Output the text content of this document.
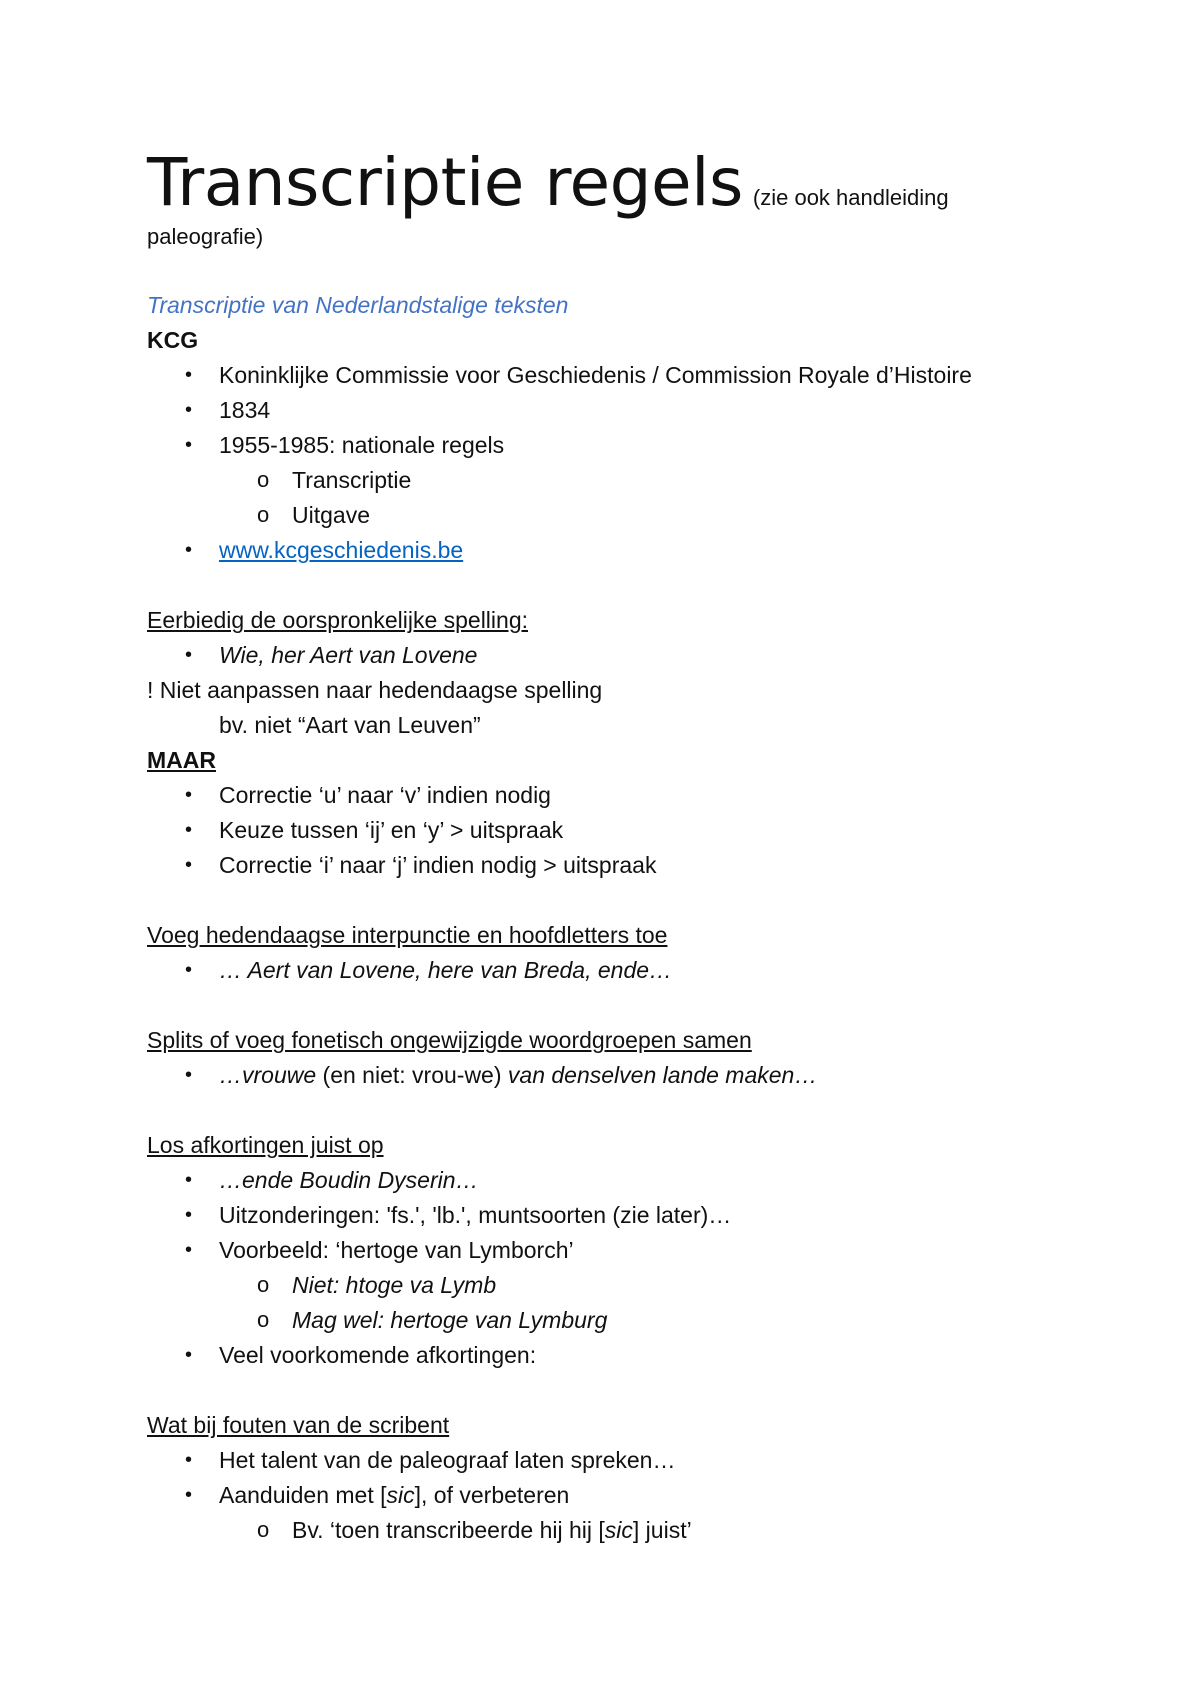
Transcriptie regels (zie ook handleiding
paleografie)
Transcriptie van Nederlandstalige teksten
KCG
• Koninklijke Commissie voor Geschiedenis / Commission Royale d’Histoire
• 1834
• 1955-1985: nationale regels
o Transcriptie
o Uitgave
• www.kcgeschiedenis.be
Eerbiedig de oorspronkelijke spelling:
• Wie, her Aert van Lovene
! Niet aanpassen naar hedendaagse spelling
bv. niet “Aart van Leuven”
MAAR
• Correctie ‘u’ naar ‘v’ indien nodig
• Keuze tussen ‘ij’ en ‘y’ > uitspraak
• Correctie ‘i’ naar ‘j’ indien nodig > uitspraak
Voeg hedendaagse interpunctie en hoofdletters toe
• … Aert van Lovene, here van Breda, ende…
Splits of voeg fonetisch ongewijzigde woordgroepen samen
• …vrouwe (en niet: vrou-we) van denselven lande maken…
Los afkortingen juist op
• …ende Boudin Dyserin…
• Uitzonderingen: 'fs.', 'lb.', muntsoorten (zie later)…
• Voorbeeld: ‘hertoge van Lymborch’
o Niet: htoge va Lymb
o Mag wel: hertoge van Lymburg
• Veel voorkomende afkortingen:
Wat bij fouten van de scribent
• Het talent van de paleograaf laten spreken…
• Aanduiden met [sic], of verbeteren
o Bv. ‘toen transcribeerde hij hij [sic] juist’
